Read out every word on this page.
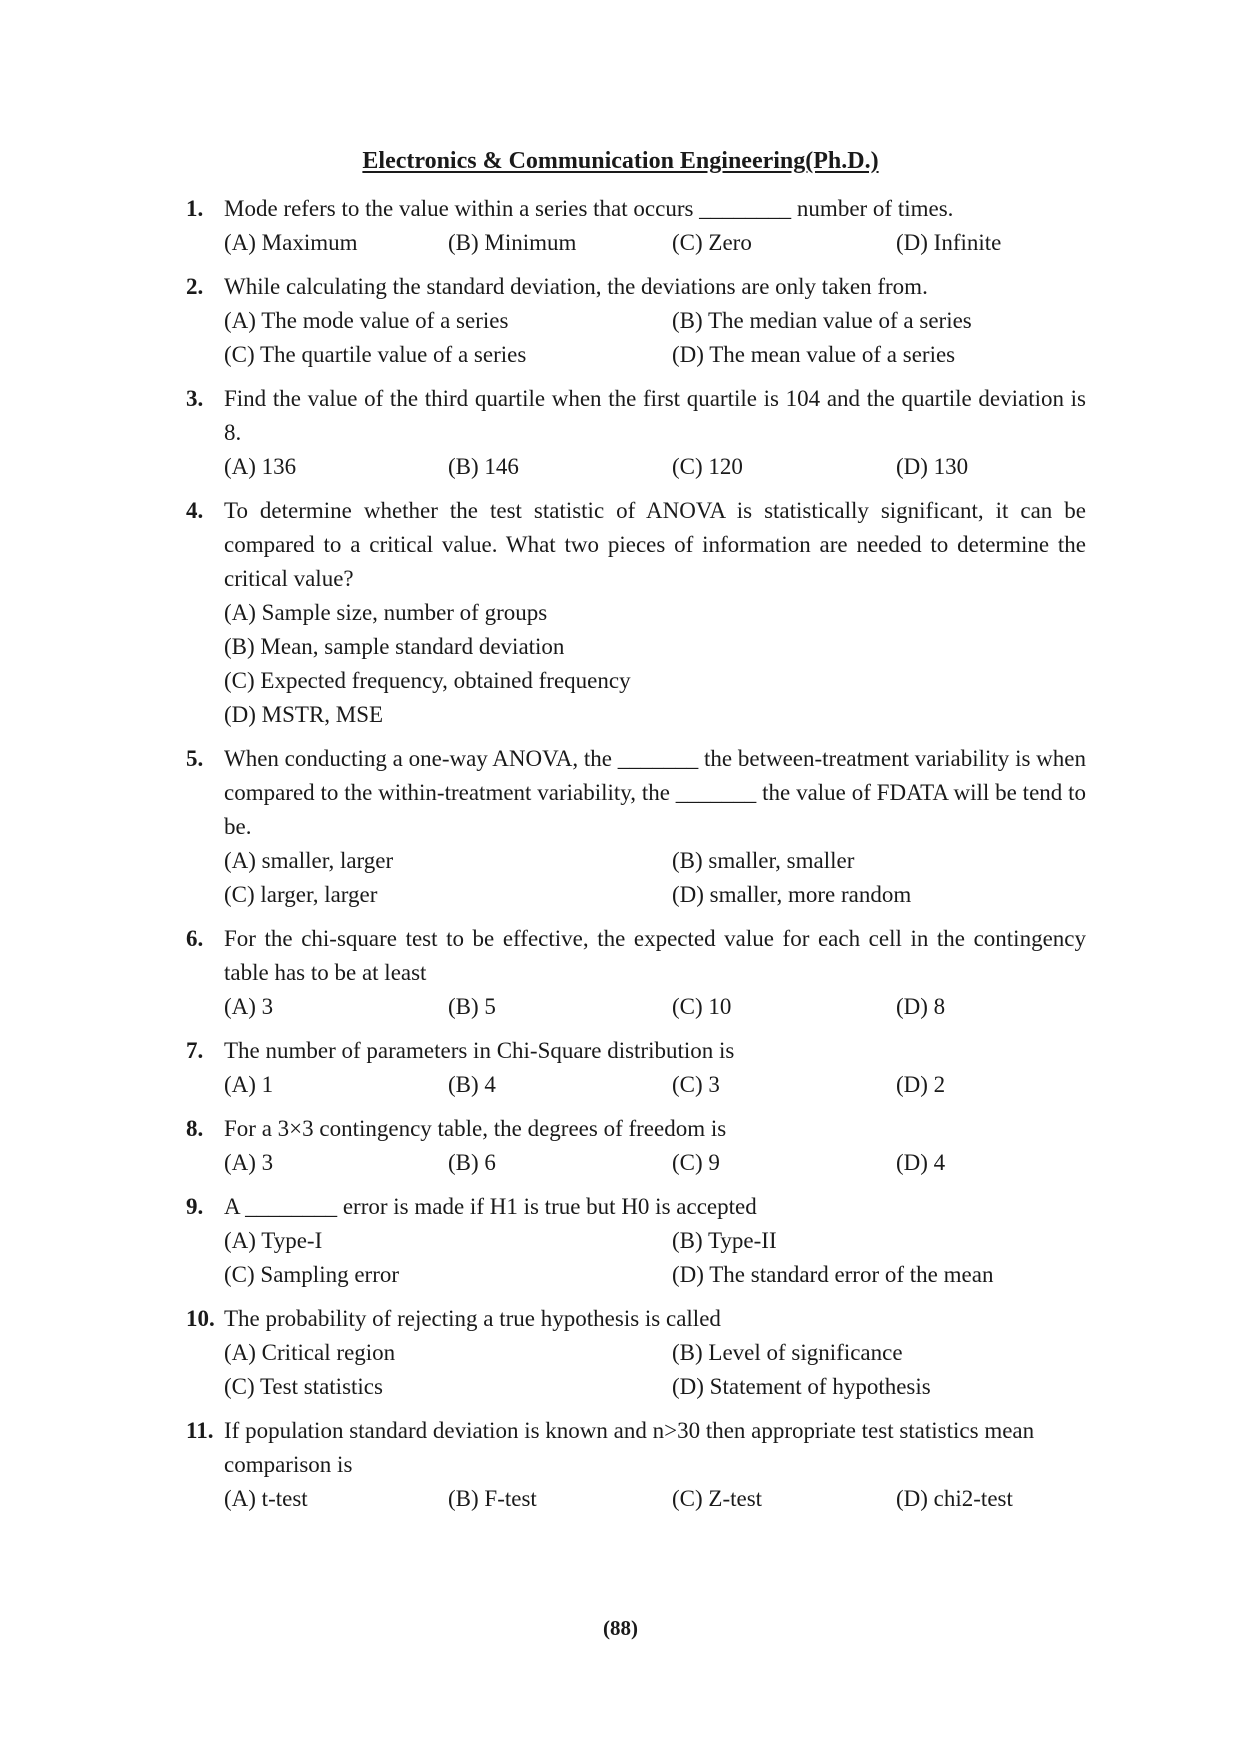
Electronics & Communication Engineering(Ph.D.)
1. Mode refers to the value within a series that occurs ________ number of times.
(A) Maximum	(B) Minimum	(C) Zero	(D) Infinite
2. While calculating the standard deviation, the deviations are only taken from.
(A) The mode value of a series	(B) The median value of a series
(C) The quartile value of a series	(D) The mean value of a series
3. Find the value of the third quartile when the first quartile is 104 and the quartile deviation is 8.
(A) 136	(B) 146	(C) 120	(D) 130
4. To determine whether the test statistic of ANOVA is statistically significant, it can be compared to a critical value. What two pieces of information are needed to determine the critical value?
(A) Sample size, number of groups
(B) Mean, sample standard deviation
(C) Expected frequency, obtained frequency
(D) MSTR, MSE
5. When conducting a one-way ANOVA, the _______ the between-treatment variability is when compared to the within-treatment variability, the _______ the value of FDATA will be tend to be.
(A) smaller, larger	(B) smaller, smaller
(C) larger, larger	(D) smaller, more random
6. For the chi-square test to be effective, the expected value for each cell in the contingency table has to be at least
(A) 3	(B) 5	(C) 10	(D) 8
7. The number of parameters in Chi-Square distribution is
(A) 1	(B) 4	(C) 3	(D) 2
8. For a 3×3 contingency table, the degrees of freedom is
(A) 3	(B) 6	(C) 9	(D) 4
9. A ________ error is made if H1 is true but H0 is accepted
(A) Type-I	(B) Type-II
(C) Sampling error	(D) The standard error of the mean
10. The probability of rejecting a true hypothesis is called
(A) Critical region	(B) Level of significance
(C) Test statistics	(D) Statement of hypothesis
11. If population standard deviation is known and n>30 then appropriate test statistics mean comparison is
(A) t-test	(B) F-test	(C) Z-test	(D) chi2-test
(88)
